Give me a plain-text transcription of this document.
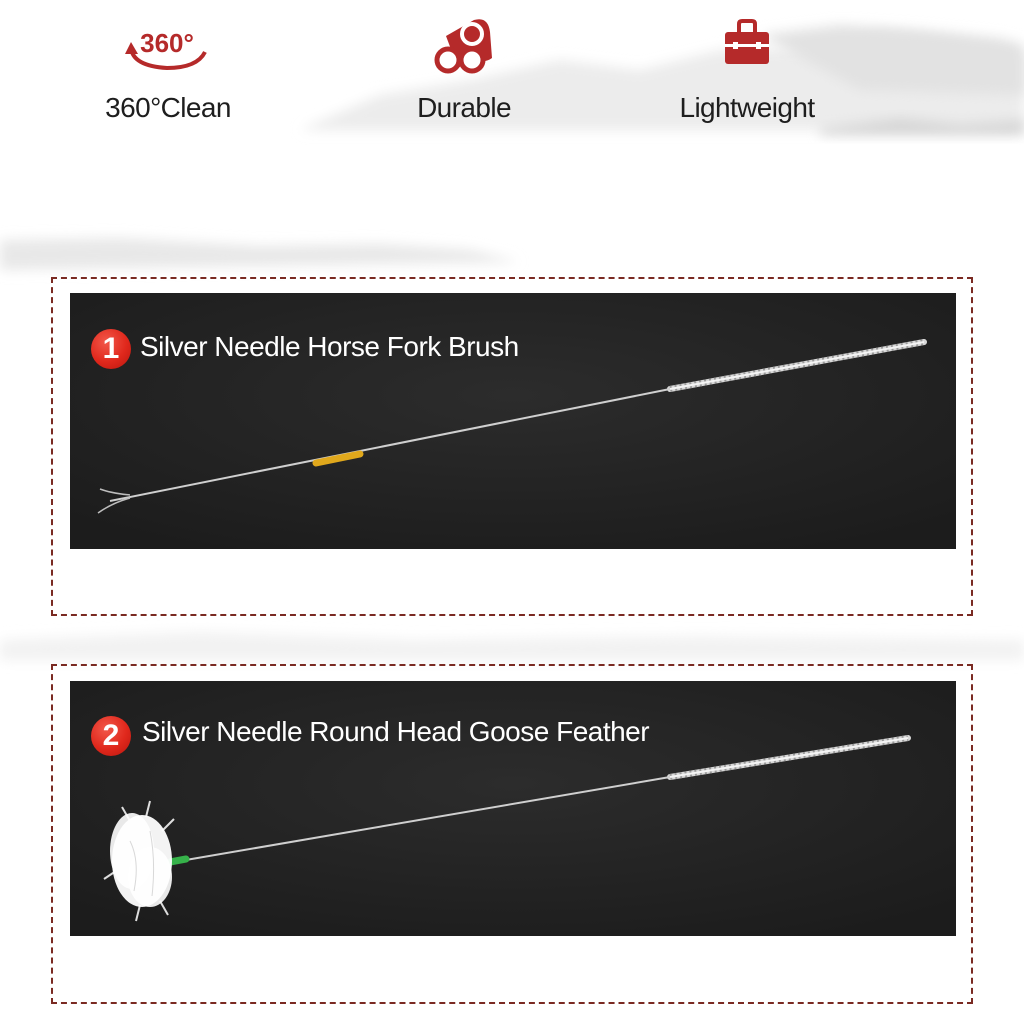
360°
360°Clean	Durable	Lightweight
1 Silver Needle Horse Fork Brush
2 Silver Needle Round Head Goose Feather
